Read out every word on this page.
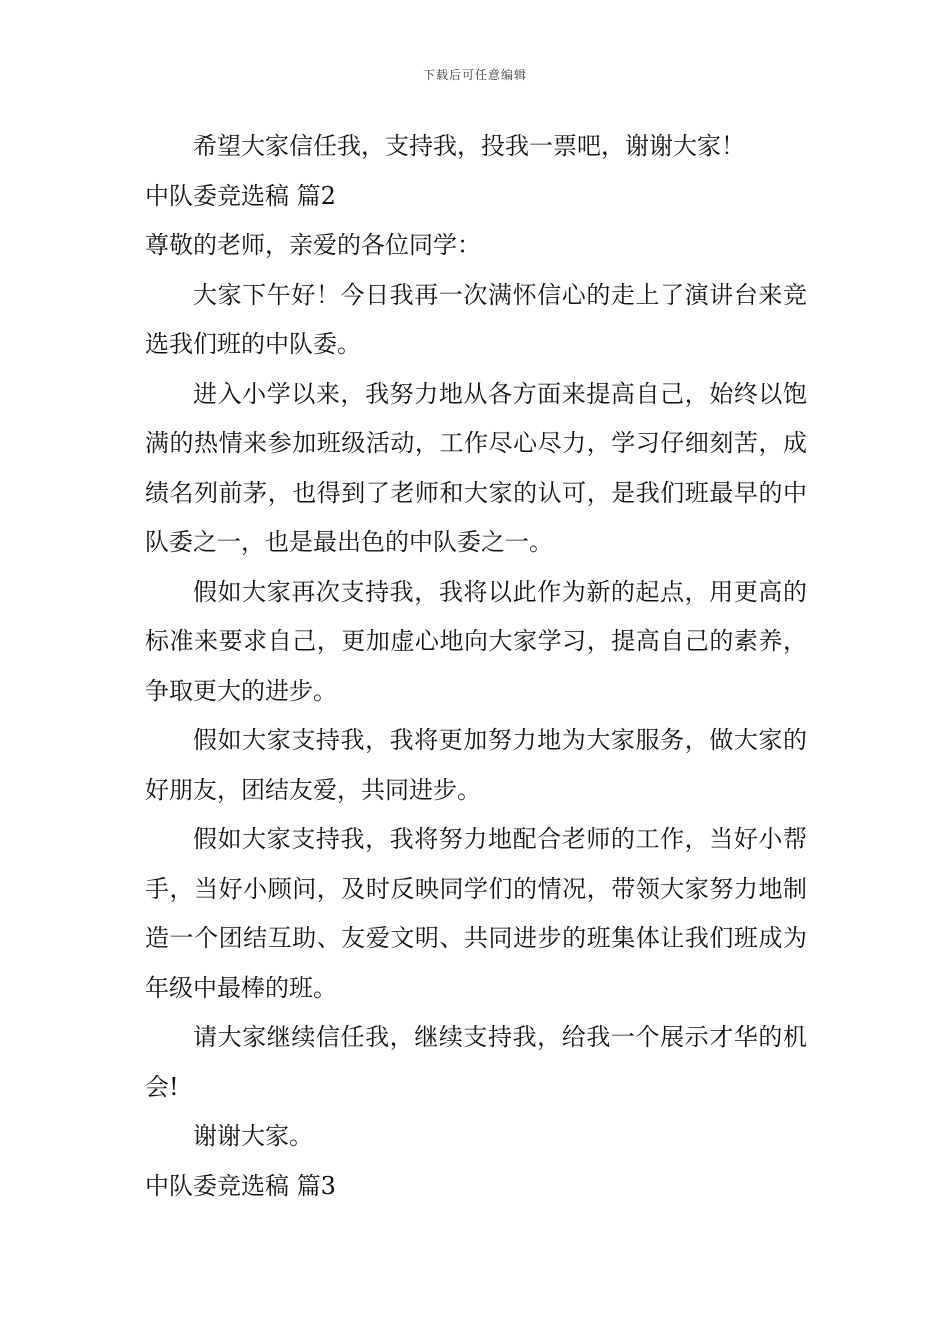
下载后可任意编辑

希望大家信任我，支持我，投我一票吧，谢谢大家！

中队委竞选稿 篇2

尊敬的老师，亲爱的各位同学：

大家下午好！今日我再一次满怀信心的走上了演讲台来竞选我们班的中队委。

进入小学以来，我努力地从各方面来提高自己，始终以饱满的热情来参加班级活动，工作尽心尽力，学习仔细刻苦，成绩名列前茅，也得到了老师和大家的认可，是我们班最早的中队委之一，也是最出色的中队委之一。

假如大家再次支持我，我将以此作为新的起点，用更高的标准来要求自己，更加虚心地向大家学习，提高自己的素养，争取更大的进步。

假如大家支持我，我将更加努力地为大家服务，做大家的好朋友，团结友爱，共同进步。

假如大家支持我，我将努力地配合老师的工作，当好小帮手，当好小顾问，及时反映同学们的情况，带领大家努力地制造一个团结互助、友爱文明、共同进步的班集体让我们班成为年级中最棒的班。

请大家继续信任我，继续支持我，给我一个展示才华的机会!

谢谢大家。

中队委竞选稿 篇3
